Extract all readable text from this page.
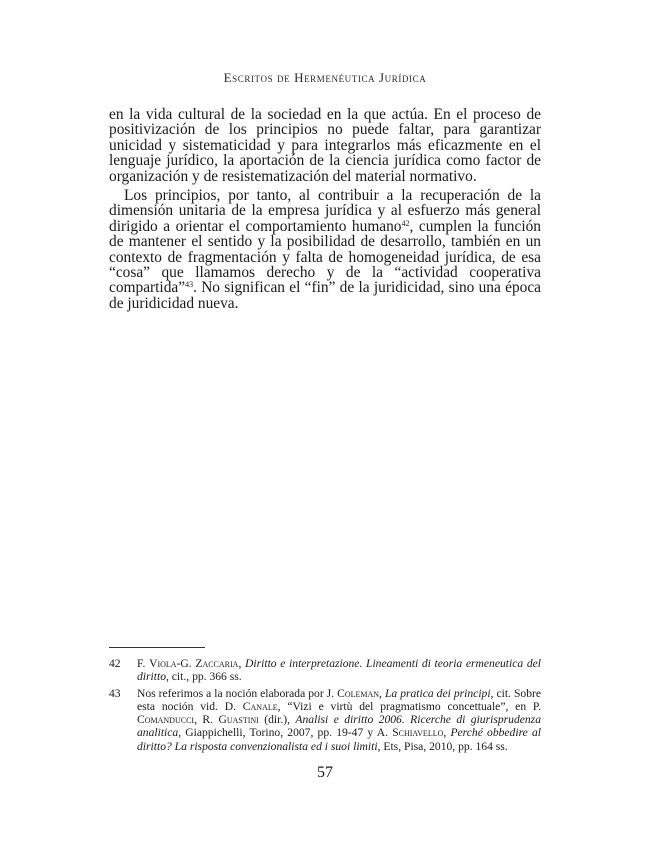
Escritos de Hermenéutica Jurídica

en la vida cultural de la sociedad en la que actúa. En el proceso de positivización de los principios no puede faltar, para garantizar unicidad y sistematicidad y para integrarlos más eficazmente en el lenguaje jurídico, la aportación de la ciencia jurídica como factor de organización y de resistematización del material normativo.

Los principios, por tanto, al contribuir a la recuperación de la dimensión unitaria de la empresa jurídica y al esfuerzo más general dirigido a orientar el comportamiento humano$^{42}$, cumplen la función de mantener el sentido y la posibilidad de desarrollo, también en un contexto de fragmentación y falta de homogeneidad jurídica, de esa “cosa” que llamamos derecho y de la “actividad cooperativa compartida”$^{43}$. No significan el “fin” de la juridicidad, sino una época de juridicidad nueva.

42	F. Viola-G. Zaccaria, Diritto e interpretazione. Lineamenti di teoria ermeneutica del diritto, cit., pp. 366 ss.
43	Nos referimos a la noción elaborada por J. Coleman, La pratica dei principi, cit. Sobre esta noción vid. D. Canale, “Vizi e virtù del pragmatismo concettuale”, en P. Comanducci, R. Guastini (dir.), Analisi e diritto 2006. Ricerche di giurisprudenza analitica, Giappichelli, Torino, 2007, pp. 19-47 y A. Schiavello, Perché obbedire al diritto? La risposta convenzionalista ed i suoi limiti, Ets, Pisa, 2010, pp. 164 ss.
57
